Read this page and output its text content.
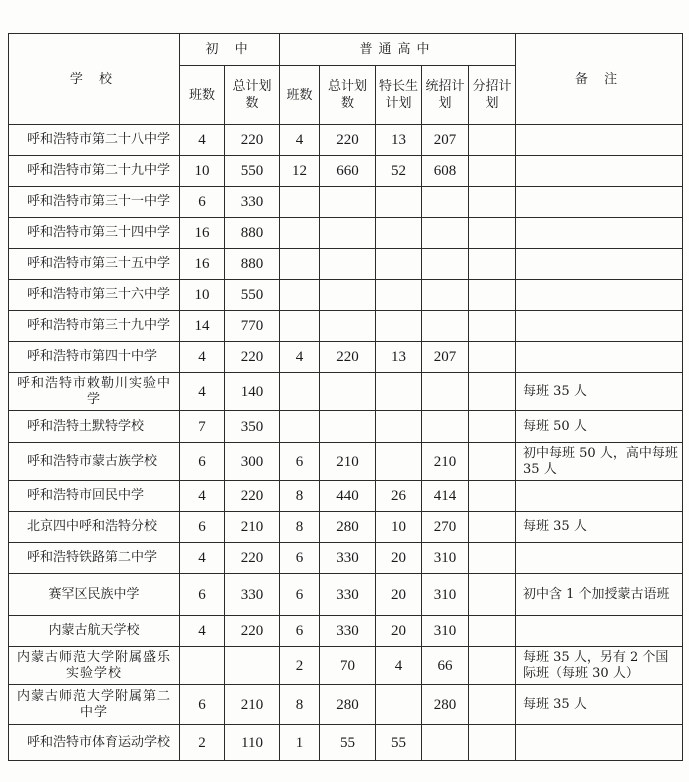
学 校	初 中		普通高中					备 注
	班数	总计划数	班数	总计划数	特长生计划	统招计划	分招计划	
呼和浩特市第二十八中学	4	220	4	220	13	207		
呼和浩特市第二十九中学	10	550	12	660	52	608		
呼和浩特市第三十一中学	6	330						
呼和浩特市第三十四中学	16	880						
呼和浩特市第三十五中学	16	880						
呼和浩特市第三十六中学	10	550						
呼和浩特市第三十九中学	14	770						
呼和浩特市第四十中学	4	220	4	220	13	207		
呼和浩特市敕勒川实验中学	4	140						每班 35 人
呼和浩特土默特学校	7	350						每班 50 人
呼和浩特市蒙古族学校	6	300	6	210		210		初中每班 50 人，高中每班 35 人
呼和浩特市回民中学	4	220	8	440	26	414		
北京四中呼和浩特分校	6	210	8	280	10	270		每班 35 人
呼和浩特铁路第二中学	4	220	6	330	20	310		
赛罕区民族中学	6	330	6	330	20	310		初中含 1 个加授蒙古语班
内蒙古航天学校	4	220	6	330	20	310		
内蒙古师范大学附属盛乐实验学校			2	70	4	66		每班 35 人，另有 2 个国际班（每班 30 人）
内蒙古师范大学附属第二中学	6	210	8	280		280		每班 35 人
呼和浩特市体育运动学校	2	110	1	55	55			
